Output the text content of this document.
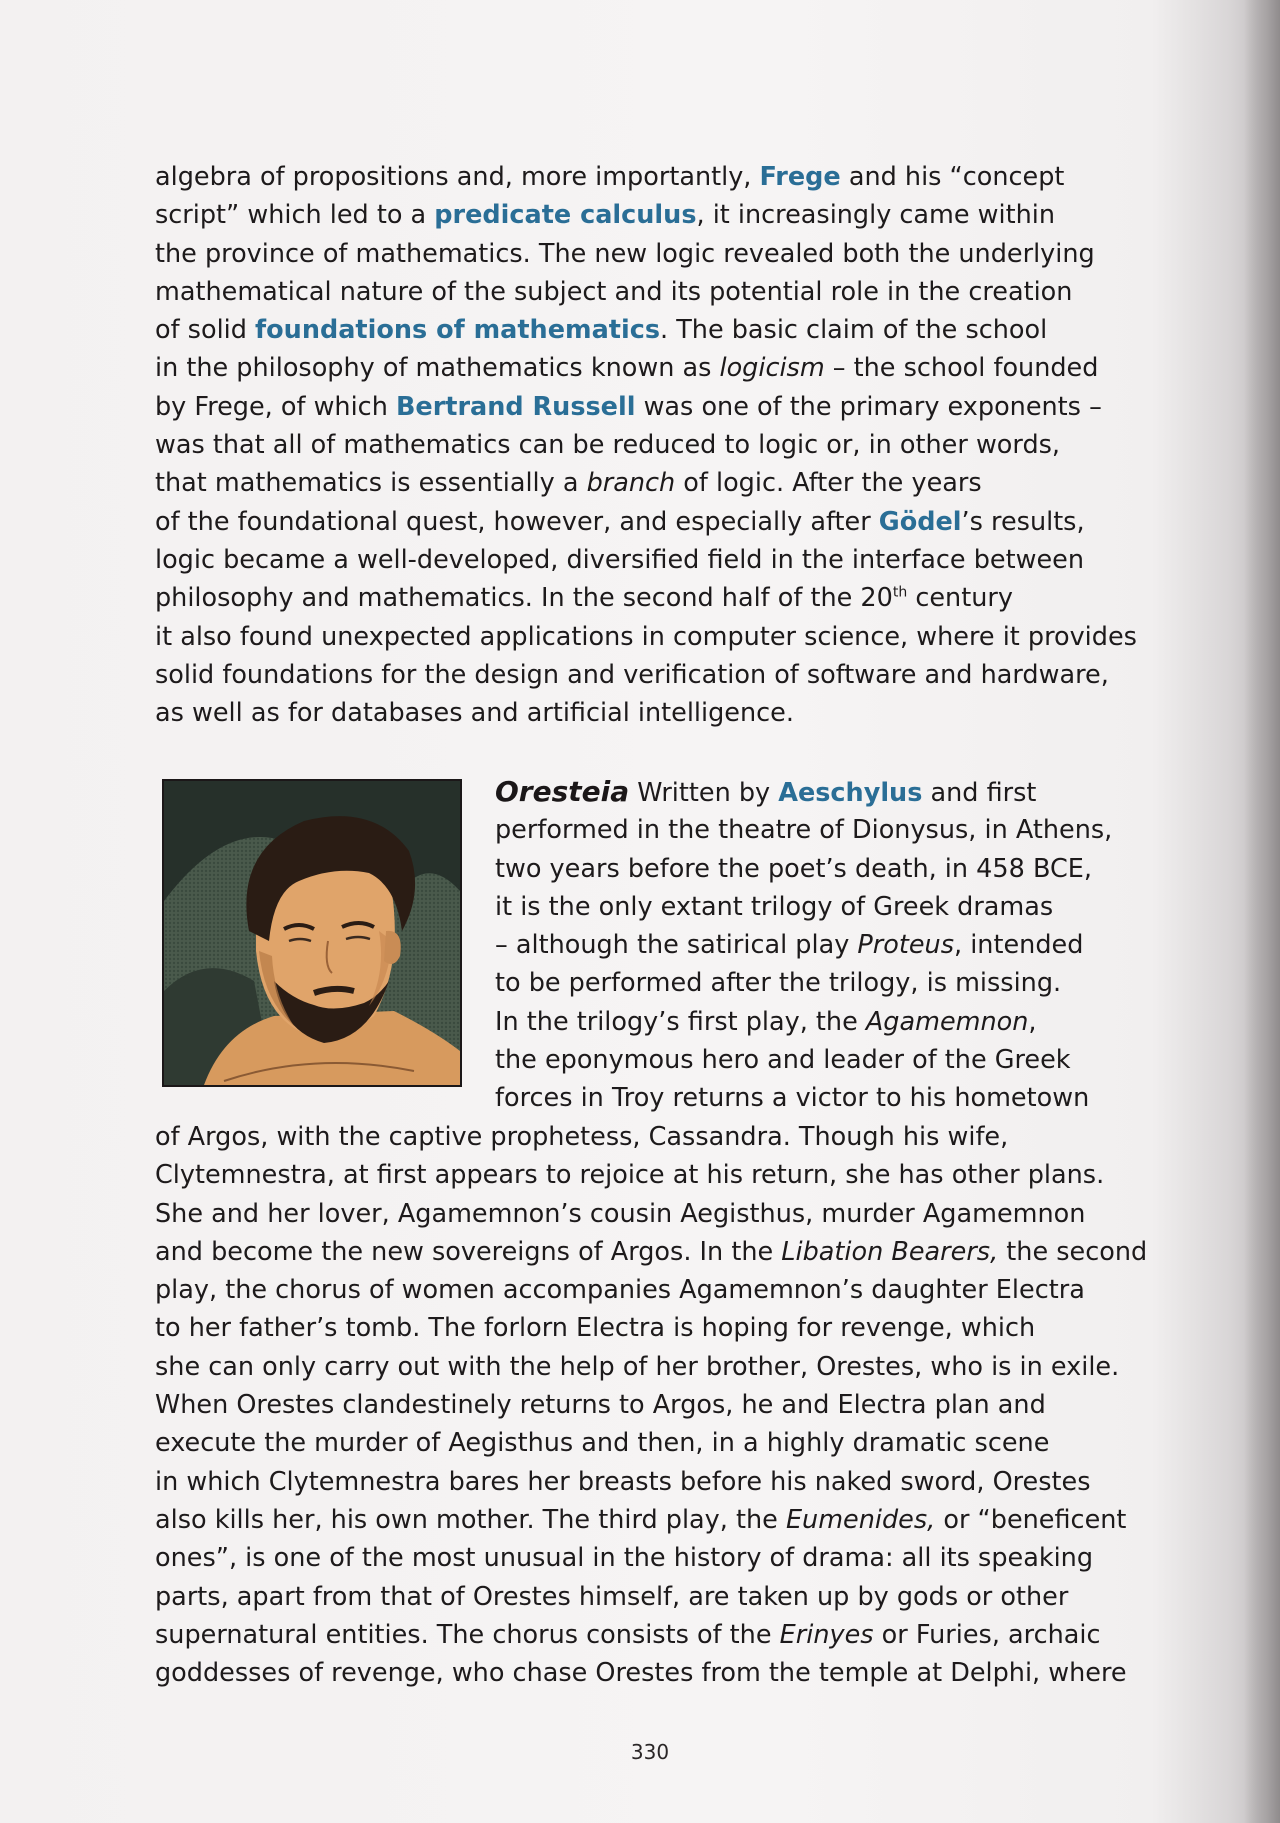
algebra of propositions and, more importantly, Frege and his “concept
script” which led to a predicate calculus, it increasingly came within
the province of mathematics. The new logic revealed both the underlying
mathematical nature of the subject and its potential role in the creation
of solid foundations of mathematics. The basic claim of the school
in the philosophy of mathematics known as logicism – the school founded
by Frege, of which Bertrand Russell was one of the primary exponents –
was that all of mathematics can be reduced to logic or, in other words,
that mathematics is essentially a branch of logic. After the years
of the foundational quest, however, and especially after Gödel’s results,
logic became a well-developed, diversified field in the interface between
philosophy and mathematics. In the second half of the 20th century
it also found unexpected applications in computer science, where it provides
solid foundations for the design and verification of software and hardware,
as well as for databases and artificial intelligence.
Oresteia Written by Aeschylus and first
performed in the theatre of Dionysus, in Athens,
two years before the poet’s death, in 458 BCE,
it is the only extant trilogy of Greek dramas
– although the satirical play Proteus, intended
to be performed after the trilogy, is missing.
In the trilogy’s first play, the Agamemnon,
the eponymous hero and leader of the Greek
forces in Troy returns a victor to his hometown
of Argos, with the captive prophetess, Cassandra. Though his wife,
Clytemnestra, at first appears to rejoice at his return, she has other plans.
She and her lover, Agamemnon’s cousin Aegisthus, murder Agamemnon
and become the new sovereigns of Argos. In the Libation Bearers, the second
play, the chorus of women accompanies Agamemnon’s daughter Electra
to her father’s tomb. The forlorn Electra is hoping for revenge, which
she can only carry out with the help of her brother, Orestes, who is in exile.
When Orestes clandestinely returns to Argos, he and Electra plan and
execute the murder of Aegisthus and then, in a highly dramatic scene
in which Clytemnestra bares her breasts before his naked sword, Orestes
also kills her, his own mother. The third play, the Eumenides, or “beneficent
ones”, is one of the most unusual in the history of drama: all its speaking
parts, apart from that of Orestes himself, are taken up by gods or other
supernatural entities. The chorus consists of the Erinyes or Furies, archaic
goddesses of revenge, who chase Orestes from the temple at Delphi, where
330
